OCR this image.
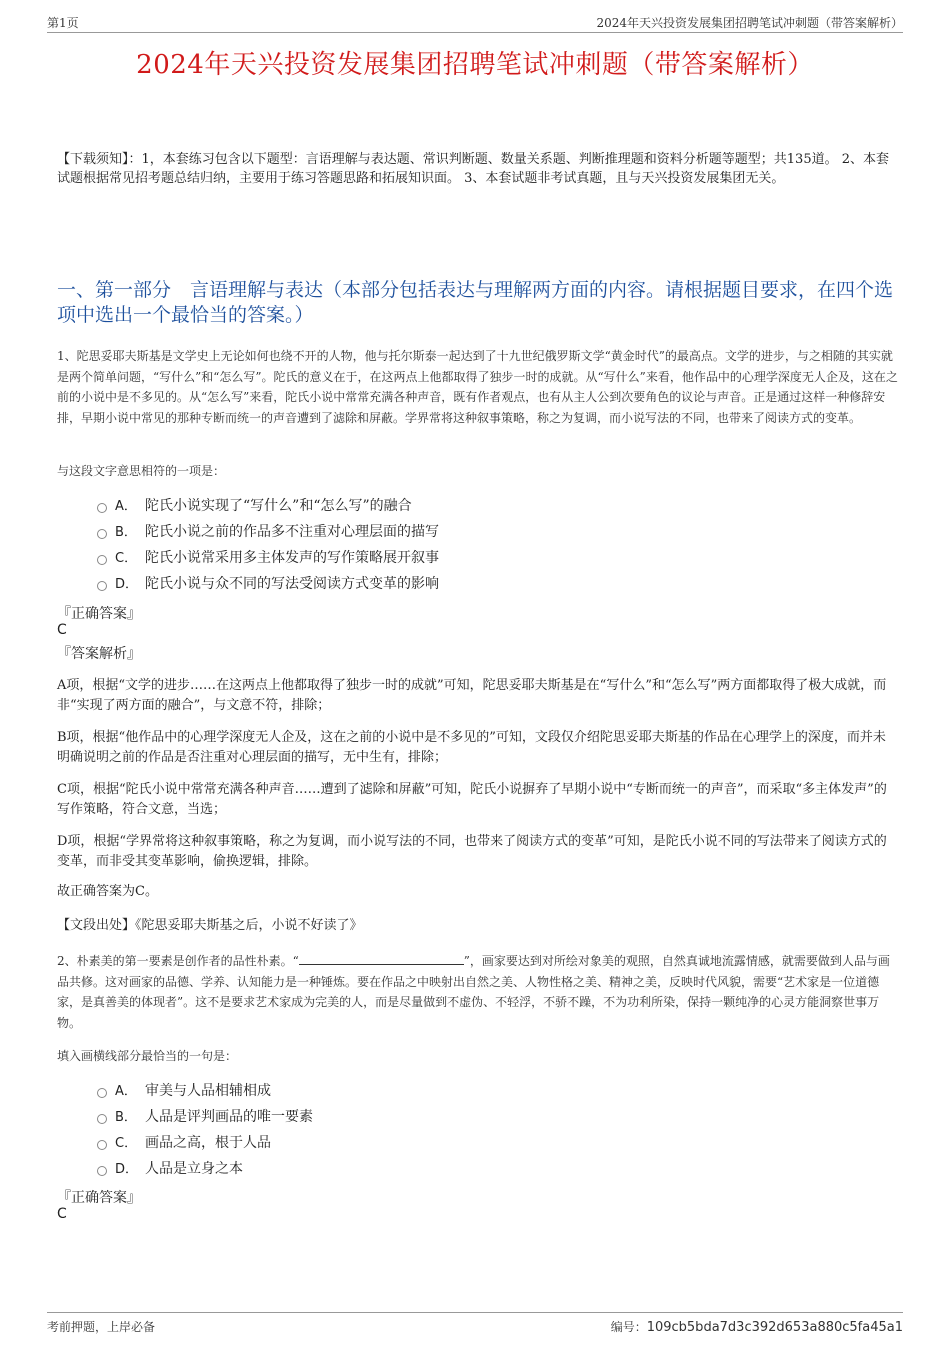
第1页	2024年天兴投资发展集团招聘笔试冲刺题（带答案解析）
2024年天兴投资发展集团招聘笔试冲刺题（带答案解析）
【下载须知】：1，本套练习包含以下题型：言语理解与表达题、常识判断题、数量关系题、判断推理题和资料分析题等题型；共135道。 2、本套试题根据常见招考题总结归纳，主要用于练习答题思路和拓展知识面。 3、本套试题非考试真题，且与天兴投资发展集团无关。
一、第一部分　言语理解与表达（本部分包括表达与理解两方面的内容。请根据题目要求，在四个选项中选出一个最恰当的答案。）
1、陀思妥耶夫斯基是文学史上无论如何也绕不开的人物，他与托尔斯泰一起达到了十九世纪俄罗斯文学“黄金时代”的最高点。文学的进步，与之相随的其实就是两个简单问题，“写什么”和“怎么写”。陀氏的意义在于，在这两点上他都取得了独步一时的成就。从“写什么”来看，他作品中的心理学深度无人企及，这在之前的小说中是不多见的。从“怎么写”来看，陀氏小说中常常充满各种声音，既有作者观点，也有从主人公到次要角色的议论与声音。正是通过这样一种修辞安排，早期小说中常见的那种专断而统一的声音遭到了滤除和屏蔽。学界常将这种叙事策略，称之为复调，而小说写法的不同，也带来了阅读方式的变革。
与这段文字意思相符的一项是：
A． 陀氏小说实现了“写什么”和“怎么写”的融合
B． 陀氏小说之前的作品多不注重对心理层面的描写
C． 陀氏小说常采用多主体发声的写作策略展开叙事
D． 陀氏小说与众不同的写法受阅读方式变革的影响
『正确答案』
C
『答案解析』
A项，根据“文学的进步……在这两点上他都取得了独步一时的成就”可知，陀思妥耶夫斯基是在“写什么”和“怎么写”两方面都取得了极大成就，而非“实现了两方面的融合”，与文意不符，排除；
B项，根据“他作品中的心理学深度无人企及，这在之前的小说中是不多见的”可知，文段仅介绍陀思妥耶夫斯基的作品在心理学上的深度，而并未明确说明之前的作品是否注重对心理层面的描写，无中生有，排除；
C项，根据“陀氏小说中常常充满各种声音……遭到了滤除和屏蔽”可知，陀氏小说摒弃了早期小说中“专断而统一的声音”，而采取“多主体发声”的写作策略，符合文意，当选；
D项，根据“学界常将这种叙事策略，称之为复调，而小说写法的不同，也带来了阅读方式的变革”可知，是陀氏小说不同的写法带来了阅读方式的变革，而非受其变革影响，偷换逻辑，排除。
故正确答案为C。
【文段出处】《陀思妥耶夫斯基之后，小说不好读了》
2、朴素美的第一要素是创作者的品性朴素。“	”，画家要达到对所绘对象美的观照，自然真诚地流露情感，就需要做到人品与画品共修。这对画家的品德、学养、认知能力是一种锤炼。要在作品之中映射出自然之美、人物性格之美、精神之美，反映时代风貌，需要“艺术家是一位道德家，是真善美的体现者”。这不是要求艺术家成为完美的人，而是尽量做到不虚伪、不轻浮，不骄不躁，不为功利所染，保持一颗纯净的心灵方能洞察世事万物。
填入画横线部分最恰当的一句是：
A． 审美与人品相辅相成
B． 人品是评判画品的唯一要素
C． 画品之高，根于人品
D． 人品是立身之本
『正确答案』
C
考前押题，上岸必备	编号：109cb5bda7d3c392d653a880c5fa45a1
